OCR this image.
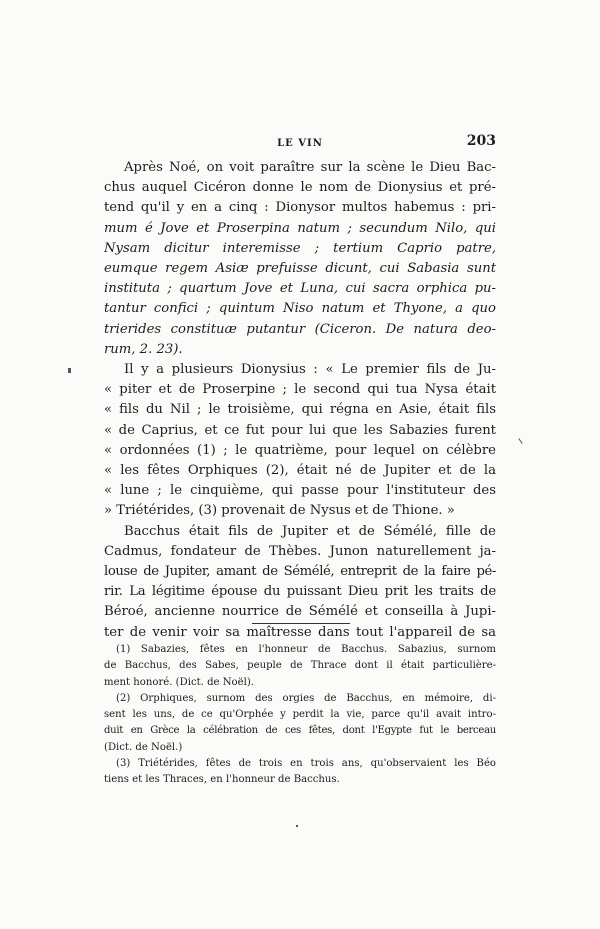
LE VIN	203
Après Noé, on voit paraître sur la scène le Dieu Bac-
chus auquel Cicéron donne le nom de Dionysius et pré-
tend qu'il y en a cinq : Dionysor multos habemus : pri-
mum é Jove et Proserpina natum ; secundum Nilo, qui
Nysam dicitur interemisse ; tertium Caprio patre,
eumque regem Asiæ prefuisse dicunt, cui Sabasia sunt
instituta ; quartum Jove et Luna, cui sacra orphica pu-
tantur confici ; quintum Niso natum et Thyone, a quo
trierides constituæ putantur (Ciceron. De natura deo-
rum, 2. 23).
Il y a plusieurs Dionysius : « Le premier fils de Ju-
« piter et de Proserpine ; le second qui tua Nysa était
« fils du Nil ; le troisième, qui régna en Asie, était fils
« de Caprius, et ce fut pour lui que les Sabazies furent
« ordonnées (1) ; le quatrième, pour lequel on célèbre
« les fêtes Orphiques (2), était né de Jupiter et de la
« lune ; le cinquième, qui passe pour l'instituteur des
» Triétérides, (3) provenait de Nysus et de Thione. »
Bacchus était fils de Jupiter et de Sémélé, fille de
Cadmus, fondateur de Thèbes. Junon naturellement ja-
louse de Jupiter, amant de Sémélé, entreprit de la faire pé-
rir. La légitime épouse du puissant Dieu prit les traits de
Béroé, ancienne nourrice de Sémélé et conseilla à Jupi-
ter de venir voir sa maîtresse dans tout l'appareil de sa
(1) Sabazies, fêtes en l'honneur de Bacchus. Sabazius, surnom
de Bacchus, des Sabes, peuple de Thrace dont il était particulière-
ment honoré. (Dict. de Noël).
(2) Orphiques, surnom des orgies de Bacchus, en mémoire, di-
sent les uns, de ce qu'Orphée y perdit la vie, parce qu'il avait intro-
duit en Grèce la célébration de ces fêtes, dont l'Egypte fut le berceau
(Dict. de Noël.)
(3) Triétérides, fêtes de trois en trois ans, qu'observaient les Béo
tiens et les Thraces, en l'honneur de Bacchus.
